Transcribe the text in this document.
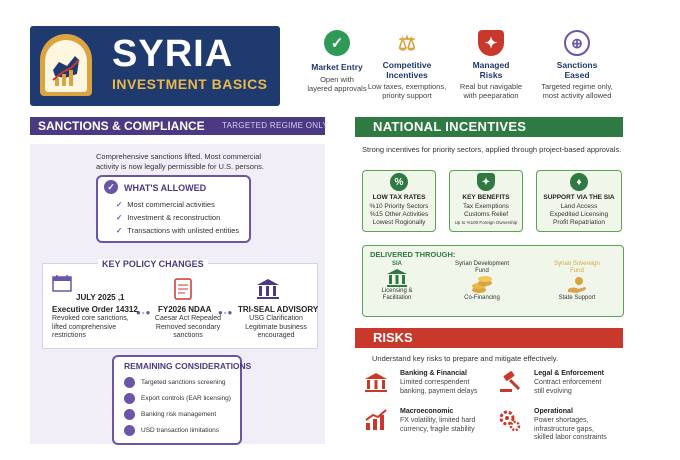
SYRIA
INVESTMENT BASICS
✓
Market Entry
Open with
layered approvals
⚖
Competitive
Incentives
Low taxes, exemptions,
priority support
✦
Managed
Risks
Real but navigable
with peeparation
⊕
Sanctions
Eased
Targeted regime only,
most activity allowed
SANCTIONS & COMPLIANCE TARGETED REGIME ONLY
Comprehensive sanctions lifted. Most commercial activity is now legally permissible for U.S. persons.
✓	WHAT'S ALLOWED
✓ Most commercial activities
✓ Investment & reconstruction
✓ Transactions with unlisted entities
KEY POLICY CHANGES
JULY 2025 ,1
Executive Order 14312
Revoked core sanctions,
lifted comprehensive
restrictions
●-● FY2026 NDAA
Caesar Act Repealed
Removed secondary
sanctions
●-● TRI-SEAL ADVISORY
USG Clarification
Legitimate business
encouraged
REMAINING CONSIDERATIONS
Targeted sanctions screening
Export controls (EAR licensing)
Banking risk management
USD transaction limitations
NATIONAL INCENTIVES
Strong incentives for priority sectors, applied through project-based approvals.
%
LOW TAX RATES
%10 Priority Sectors
%15 Other Activities
Lowest Rogionally
✦
KEY BENEFITS
Tax Exemptions
Customs Relief
Up to %100 Foreign Ownership
♦
SUPPORT VIA THE SIA
Land Access
Expedited Licensing
Profit Repatriation
DELIVERED THROUGH:
SIA
Licensing &
Facilitation
Syrian Development
Fund
Co-Financing
Syrian Sovereign
Fund
State Support
RISKS
Understand key risks to prepare and mitigate effectively.
Banking & Financial
Limited correspendent
banking, payment delays
Legal & Enforcement
Contract enforcement
still evolving
Macroeconomic
FX volatility, limited hard
currency, fragile stability
Operational
Power shortages,
infrastructure gaps,
skilled labor constraints
